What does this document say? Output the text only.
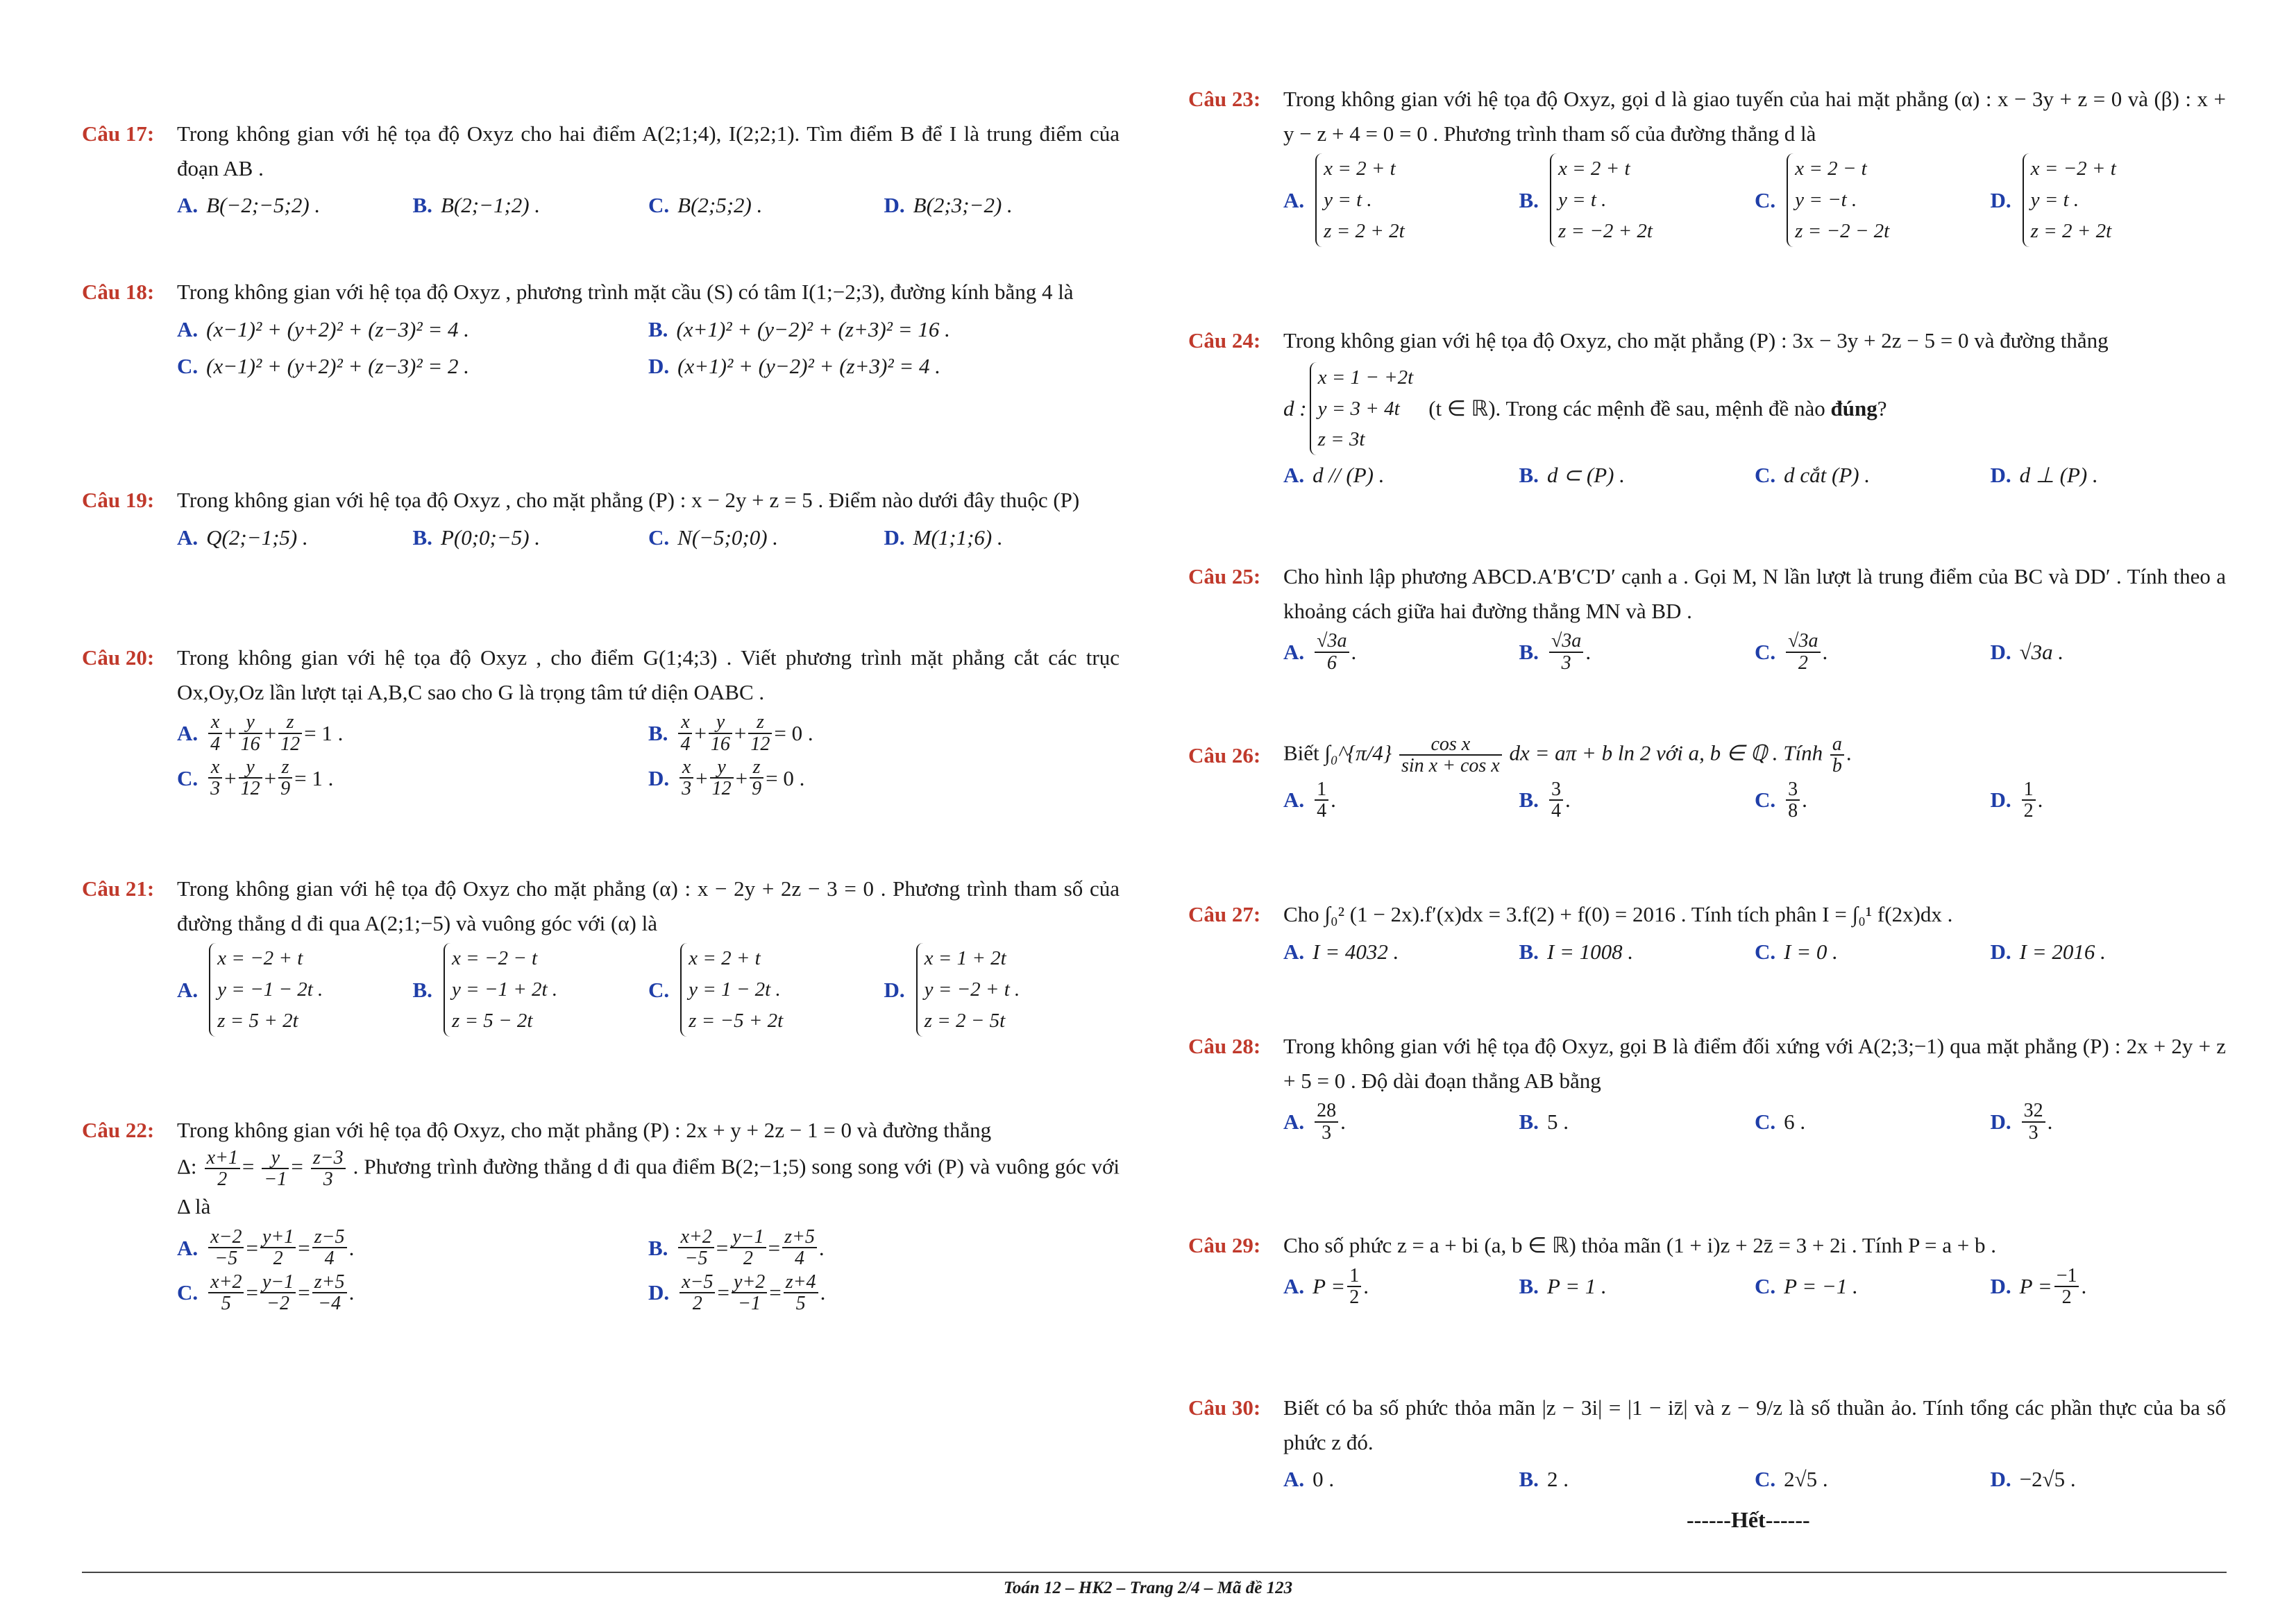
Câu 17:	Trong không gian với hệ tọa độ Oxyz cho hai điểm A(2;1;4), I(2;2;1). Tìm điểm B để I là trung điểm của đoạn AB .
A. B(−2;−5;2) .	B. B(2;−1;2) .	C. B(2;5;2) .	D. B(2;3;−2) .
Câu 18:	Trong không gian với hệ tọa độ Oxyz , phương trình mặt cầu (S) có tâm I(1;−2;3), đường kính bằng 4 là
A. (x−1)² + (y+2)² + (z−3)² = 4 .	B. (x+1)² + (y−2)² + (z+3)² = 16 .
C. (x−1)² + (y+2)² + (z−3)² = 2 .	D. (x+1)² + (y−2)² + (z+3)² = 4 .
Câu 19:	Trong không gian với hệ tọa độ Oxyz , cho mặt phẳng (P) : x − 2y + z = 5 . Điểm nào dưới đây thuộc (P)
A. Q(2;−1;5) .	B. P(0;0;−5) .	C. N(−5;0;0) .	D. M(1;1;6) .
Câu 20:	Trong không gian với hệ tọa độ Oxyz , cho điểm G(1;4;3) . Viết phương trình mặt phẳng cắt các trục Ox,Oy,Oz lần lượt tại A,B,C sao cho G là trọng tâm tứ diện OABC .
A. $\frac{x}{4} + \frac{y}{16} + \frac{z}{12} = 1$ .	B. $\frac{x}{4} + \frac{y}{16} + \frac{z}{12} = 0$ .
C. $\frac{x}{3} + \frac{y}{12} + \frac{z}{9} = 1$ .	D. $\frac{x}{3} + \frac{y}{12} + \frac{z}{9} = 0$ .
Câu 21:	Trong không gian với hệ tọa độ Oxyz cho mặt phẳng (α) : x − 2y + 2z − 3 = 0 . Phương trình tham số của đường thẳng d đi qua A(2;1;−5) và vuông góc với (α) là
A.
x = −2 + t
y = −1 − 2t .
z = 5 + 2t
B.
x = −2 − t
y = −1 + 2t .
z = 5 − 2t
C.
x = 2 + t
y = 1 − 2t .
z = −5 + 2t
D.
x = 1 + 2t
y = −2 + t .
z = 2 − 5t
Câu 22:	Trong không gian với hệ tọa độ Oxyz, cho mặt phẳng (P) : 2x + y + 2z − 1 = 0 và đường thẳng
Δ: $\frac{x+1}{2} = \frac{y}{-1} = \frac{z-3}{3}$ . Phương trình đường thẳng d đi qua điểm B(2;−1;5) song song với (P) và vuông góc với Δ là
A. $\frac{x-2}{-5} = \frac{y+1}{2} = \frac{z-5}{4}$ .	B. $\frac{x+2}{-5} = \frac{y-1}{2} = \frac{z+5}{4}$ .
C. $\frac{x+2}{5} = \frac{y-1}{-2} = \frac{z+5}{-4}$ .	D. $\frac{x-5}{2} = \frac{y+2}{-1} = \frac{z+4}{5}$ .
Câu 23:	Trong không gian với hệ tọa độ Oxyz, gọi d là giao tuyến của hai mặt phẳng (α) : x − 3y + z = 0 và (β) : x + y − z + 4 = 0 = 0 . Phương trình tham số của đường thẳng d là
A.
x = 2 + t
y = t .
z = 2 + 2t
B.
x = 2 + t
y = t .
z = −2 + 2t
C.
x = 2 − t
y = −t .
z = −2 − 2t
D.
x = −2 + t
y = t .
z = 2 + 2t
Câu 24:	Trong không gian với hệ tọa độ Oxyz, cho mặt phẳng (P) : 3x − 3y + 2z − 5 = 0 và đường thẳng
d :
x = 1 − +2t
y = 3 + 4t
z = 3t
(t ∈ ℝ) . Trong các mệnh đề sau, mệnh đề nào
đúng ?
A. d // (P) .	B. d ⊂ (P) .	C. d cắt (P) .	D. d ⊥ (P) .
Câu 25:	Cho hình lập phương ABCD.A′B′C′D′ cạnh a . Gọi M, N lần lượt là trung điểm của BC và DD′ . Tính theo a khoảng cách giữa hai đường thẳng MN và BD .
A. $\frac{√3a}{6}$ .	B. $\frac{√3a}{3}$ .	C. $\frac{√3a}{2}$ .	D. √3a .
Câu 26:	Biết ∫₀^{π/4} $\frac{\text{cos x}}{\text{sin x + cos x}}$ dx = aπ + b ln 2 với a, b ∈ ℚ . Tính $\frac{a}{b}$ .
A. $\frac{1}{4}$ .	B. $\frac{3}{4}$ .	C. $\frac{3}{8}$ .	D. $\frac{1}{2}$ .
Câu 27:	Cho ∫₀² (1 − 2x).f′(x)dx = 3.f(2) + f(0) = 2016 . Tính tích phân I = ∫₀¹ f(2x)dx .
A. I = 4032 .	B. I = 1008 .	C. I = 0 .	D. I = 2016 .
Câu 28:	Trong không gian với hệ tọa độ Oxyz, gọi B là điểm đối xứng với A(2;3;−1) qua mặt phẳng (P) : 2x + 2y + z + 5 = 0 . Độ dài đoạn thẳng AB bằng
A. $\frac{28}{3}$ .	B. 5 .	C. 6 .	D. $\frac{32}{3}$ .
Câu 29:	Cho số phức z = a + bi (a, b ∈ ℝ) thỏa mãn (1 + i)z + 2z̄ = 3 + 2i . Tính P = a + b .
A. $P = \frac{1}{2}$ .	B. P = 1 .	C. P = −1 .	D. $P = \frac{-1}{2}$ .
Câu 30:	Biết có ba số phức thỏa mãn |z − 3i| = |1 − iz̄| và z − 9/z là số thuần ảo. Tính tổng các phần thực của ba số phức z đó.
A. 0 .	B. 2 .	C. 2√5 .	D. −2√5 .
------Hết------
Toán 12 – HK2 – Trang 2/4 – Mã đề 123
